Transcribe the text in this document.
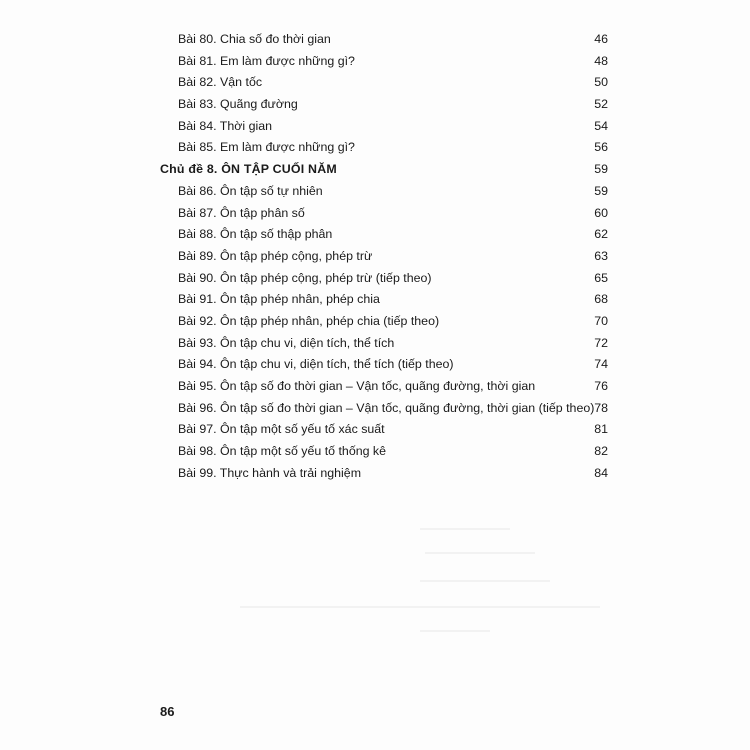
Bài 80. Chia số đo thời gian	46
Bài 81. Em làm được những gì?	48
Bài 82. Vận tốc	50
Bài 83. Quãng đường	52
Bài 84. Thời gian	54
Bài 85. Em làm được những gì?	56
Chủ đề 8. ÔN TẬP CUỐI NĂM	59
Bài 86. Ôn tập số tự nhiên	59
Bài 87. Ôn tập phân số	60
Bài 88. Ôn tập số thập phân	62
Bài 89. Ôn tập phép cộng, phép trừ	63
Bài 90. Ôn tập phép cộng, phép trừ (tiếp theo)	65
Bài 91. Ôn tập phép nhân, phép chia	68
Bài 92. Ôn tập phép nhân, phép chia (tiếp theo)	70
Bài 93. Ôn tập chu vi, diện tích, thể tích	72
Bài 94. Ôn tập chu vi, diện tích, thể tích (tiếp theo)	74
Bài 95. Ôn tập số đo thời gian – Vận tốc, quãng đường, thời gian	76
Bài 96. Ôn tập số đo thời gian – Vận tốc, quãng đường, thời gian (tiếp theo) 78
Bài 97. Ôn tập một số yếu tố xác suất	81
Bài 98. Ôn tập một số yếu tố thống kê	82
Bài 99. Thực hành và trải nghiệm	84
86
